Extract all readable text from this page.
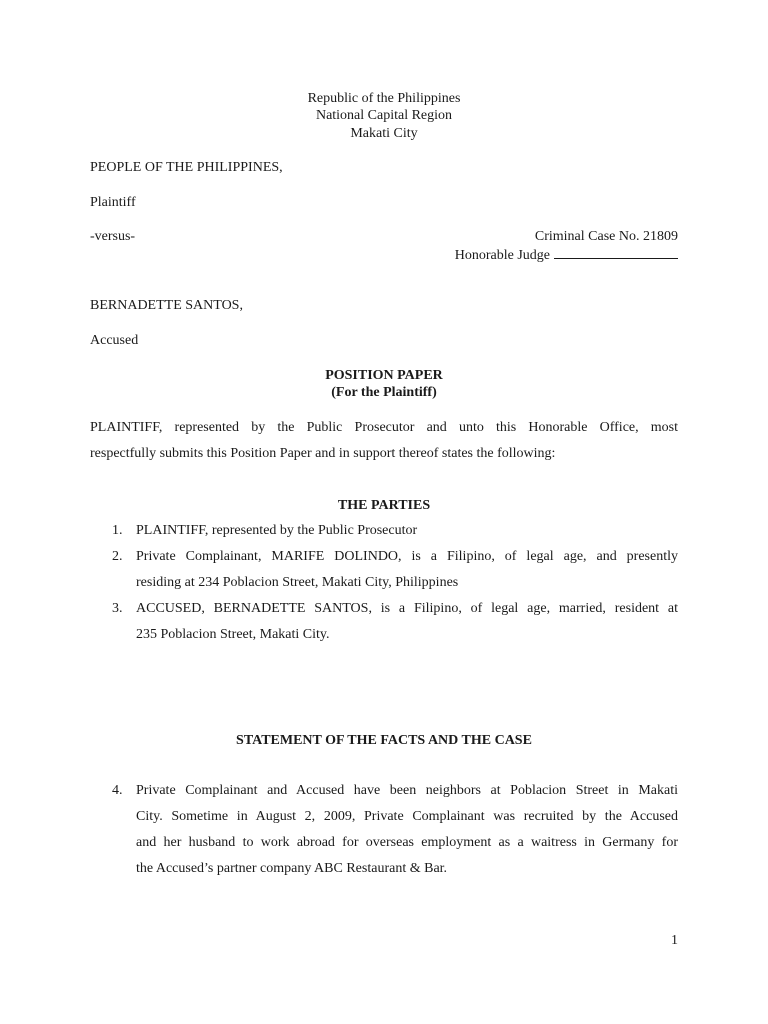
Republic of the Philippines
National Capital Region
Makati City
PEOPLE OF THE PHILIPPINES,
Plaintiff
-versus-	Criminal Case No. 21809
Honorable Judge
BERNADETTE SANTOS,
Accused
POSITION PAPER
(For the Plaintiff)
PLAINTIFF, represented by the Public Prosecutor and unto this Honorable Office, most
respectfully submits this Position Paper and in support thereof states the following:
THE PARTIES
1. PLAINTIFF, represented by the Public Prosecutor
2. Private Complainant, MARIFE DOLINDO, is a Filipino, of legal age, and presently
residing at 234 Poblacion Street, Makati City, Philippines
3. ACCUSED, BERNADETTE SANTOS, is a Filipino, of legal age, married, resident at
235 Poblacion Street, Makati City.
STATEMENT OF THE FACTS AND THE CASE
4. Private Complainant and Accused have been neighbors at Poblacion Street in Makati
City. Sometime in August 2, 2009, Private Complainant was recruited by the Accused
and her husband to work abroad for overseas employment as a waitress in Germany for
the Accused’s partner company ABC Restaurant & Bar.
1
